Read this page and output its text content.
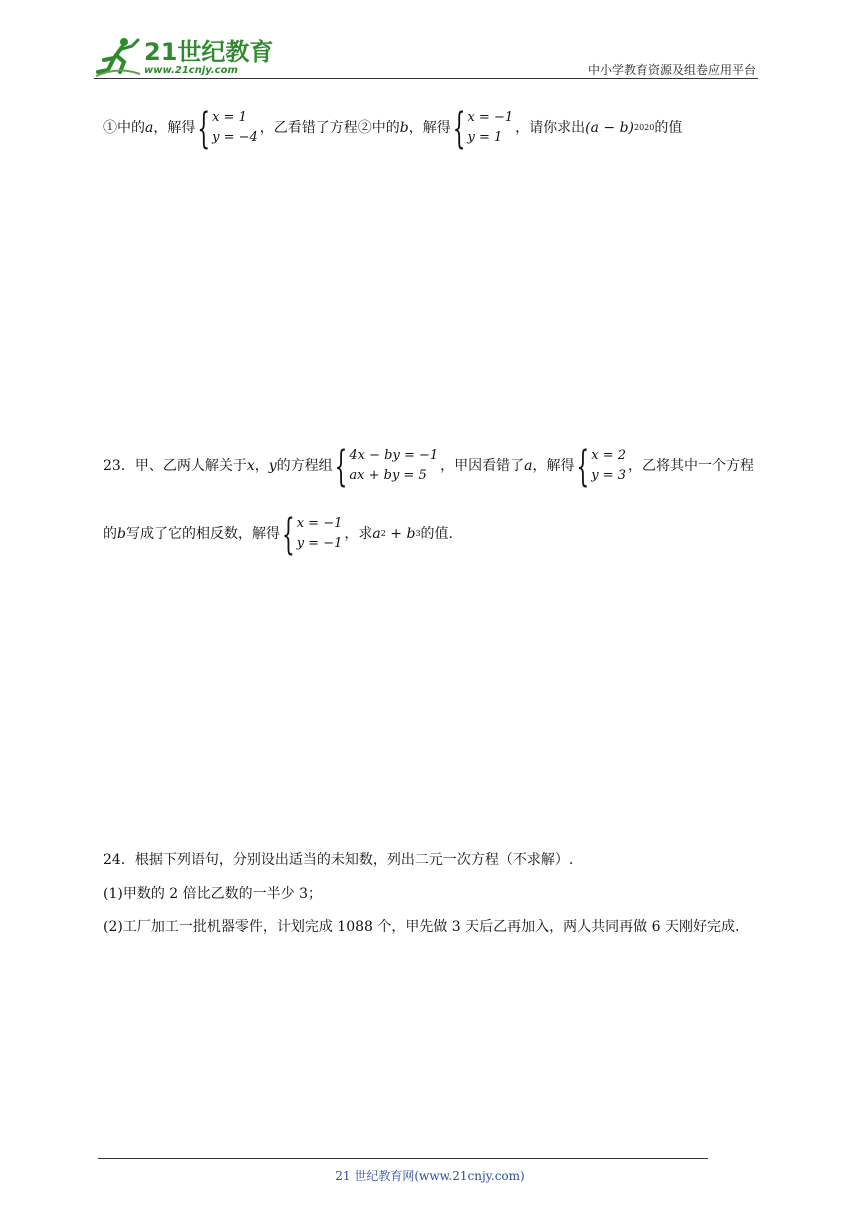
21世纪教育
www.21cnjy.com	中小学教育资源及组卷应用平台
①中的 a ，解得 { x = 1
y = −4
，乙看错了方程②中的 b ，解得 { x = −1
y = 1
，请你求出 (a − b) 2020 的值
23．甲、乙两人解关于 x ， y 的方程组 { 4x − by = −1
ax + by = 5
，甲因看错了 a ，解得 { x = 2
y = 3
，乙将其中一个方程
的 b 写成了它的相反数，解得 { x = −1
y = −1
，求 a 2 + b 3 的值.
24．根据下列语句，分别设出适当的未知数，列出二元一次方程（不求解）.
(1)甲数的 2 倍比乙数的一半少 3；
(2)工厂加工一批机器零件，计划完成 1088 个，甲先做 3 天后乙再加入，两人共同再做 6 天刚好完成.
21 世纪教育网(www.21cnjy.com)
